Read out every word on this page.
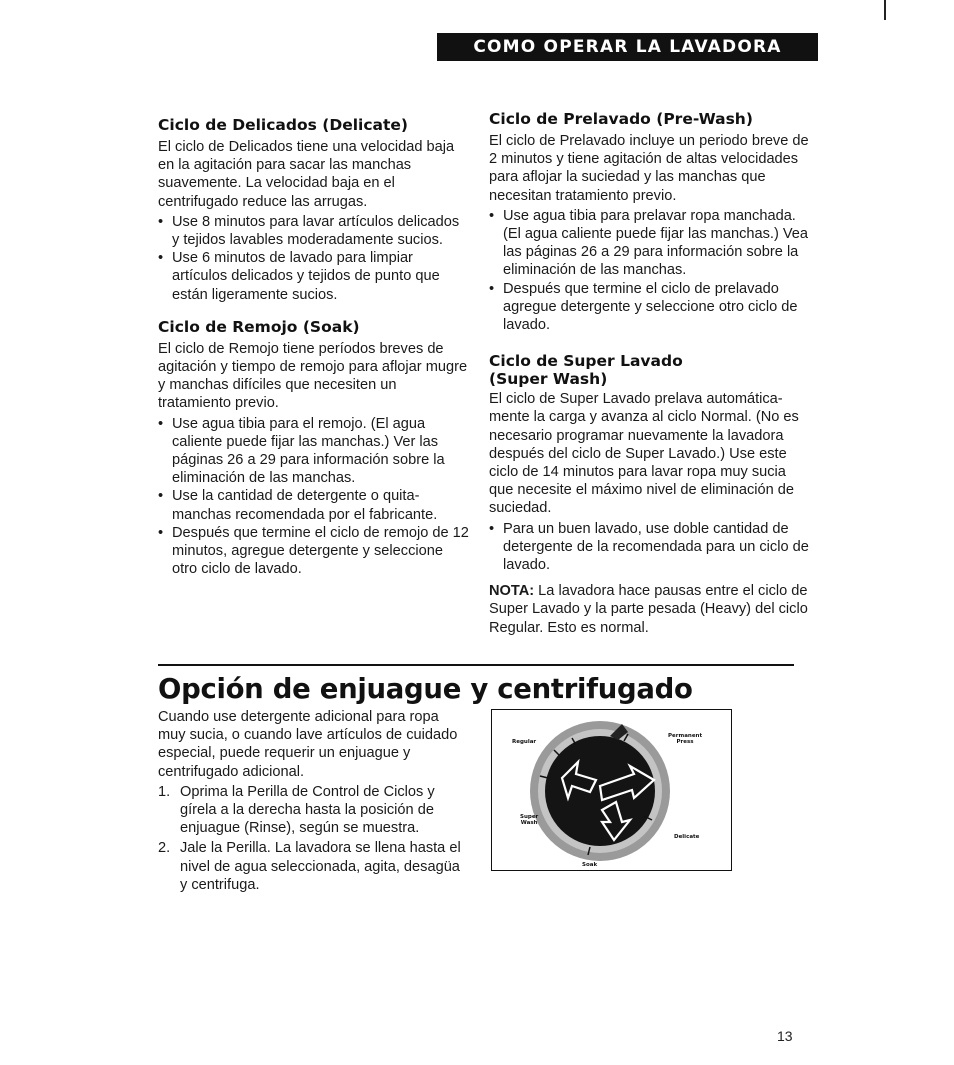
COMO OPERAR LA LAVADORA
Ciclo de Delicados (Delicate)

El ciclo de Delicados tiene una velocidad baja en la agitación para sacar las manchas suavemente. La velocidad baja en el centrifugado reduce las arrugas.

• Use 8 minutos para lavar artículos delicados y tejidos lavables moderadamente sucios.
• Use 6 minutos de lavado para limpiar artículos delicados y tejidos de punto que están ligeramente sucios.
Ciclo de Remojo (Soak)

El ciclo de Remojo tiene períodos breves de agitación y tiempo de remojo para aflojar mugre y manchas difíciles que necesiten un tratamiento previo.

• Use agua tibia para el remojo. (El agua caliente puede fijar las manchas.) Ver las páginas 26 a 29 para información sobre la eliminación de las manchas.
• Use la cantidad de detergente o quita-manchas recomendada por el fabricante.
• Después que termine el ciclo de remojo de 12 minutos, agregue detergente y seleccione otro ciclo de lavado.
Ciclo de Prelavado (Pre-Wash)

El ciclo de Prelavado incluye un periodo breve de 2 minutos y tiene agitación de altas velocidades para aflojar la suciedad y las manchas que necesitan tratamiento previo.

• Use agua tibia para prelavar ropa manchada. (El agua caliente puede fijar las manchas.) Vea las páginas 26 a 29 para información sobre la eliminación de las manchas.
• Después que termine el ciclo de prelavado agregue detergente y seleccione otro ciclo de lavado.
Ciclo de Super Lavado
(Super Wash)

El ciclo de Super Lavado prelava automática-mente la carga y avanza al ciclo Normal. (No es necesario programar nuevamente la lavadora después del ciclo de Super Lavado.) Use este ciclo de 14 minutos para lavar ropa muy sucia que necesite el máximo nivel de eliminación de suciedad.

• Para un buen lavado, use doble cantidad de detergente de la recomendada para un ciclo de lavado.

NOTA: La lavadora hace pausas entre el ciclo de Super Lavado y la parte pesada (Heavy) del ciclo Regular. Esto es normal.

Opción de enjuague y centrifugado

Cuando use detergente adicional para ropa muy sucia, o cuando lave artículos de cuidado especial, puede requerir un enjuague y centrifugado adicional.

1. Oprima la Perilla de Control de Ciclos y gírela a la derecha hasta la posición de enjuague (Rinse), según se muestra.
2. Jale la Perilla. La lavadora se llena hasta el nivel de agua seleccionada, agita, desagüa y centrifuga.
Regular
Permanent
Press
Super
Wash
Delicate
Soak
13
